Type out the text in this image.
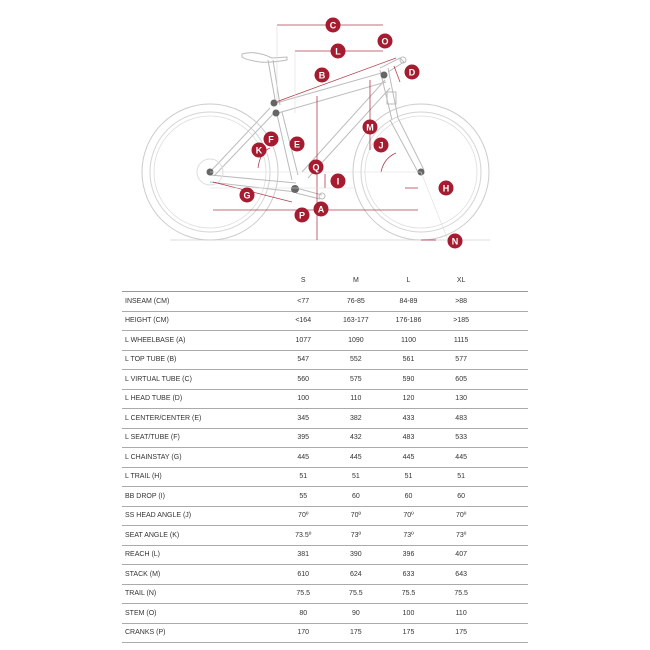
C
O
L
B	D
M
F E
K	J
Q
I
H
G
A
P
N
	S	M	L	XL	
INSEAM (CM)	<77	76-85	84-89	>88	
HEIGHT (CM)	<164	163-177	176-186	>185	
L WHEELBASE (A)	1077	1090	1100	1115	
L TOP TUBE (B)	547	552	561	577	
L VIRTUAL TUBE (C)	560	575	590	605	
L HEAD TUBE (D)	100	110	120	130	
L CENTER/CENTER (E)	345	382	433	483	
L SEAT/TUBE (F)	395	432	483	533	
L CHAINSTAY (G)	445	445	445	445	
L TRAIL (H)	51	51	51	51	
BB DROP (I)	55	60	60	60	
SS HEAD ANGLE (J)	70º	70º	70º	70º	
SEAT ANGLE (K)	73.5º	73º	73º	73º	
REACH (L)	381	390	396	407	
STACK (M)	610	624	633	643	
TRAIL (N)	75.5	75.5	75.5	75.5	
STEM (O)	80	90	100	110	
CRANKS (P)	170	175	175	175	
